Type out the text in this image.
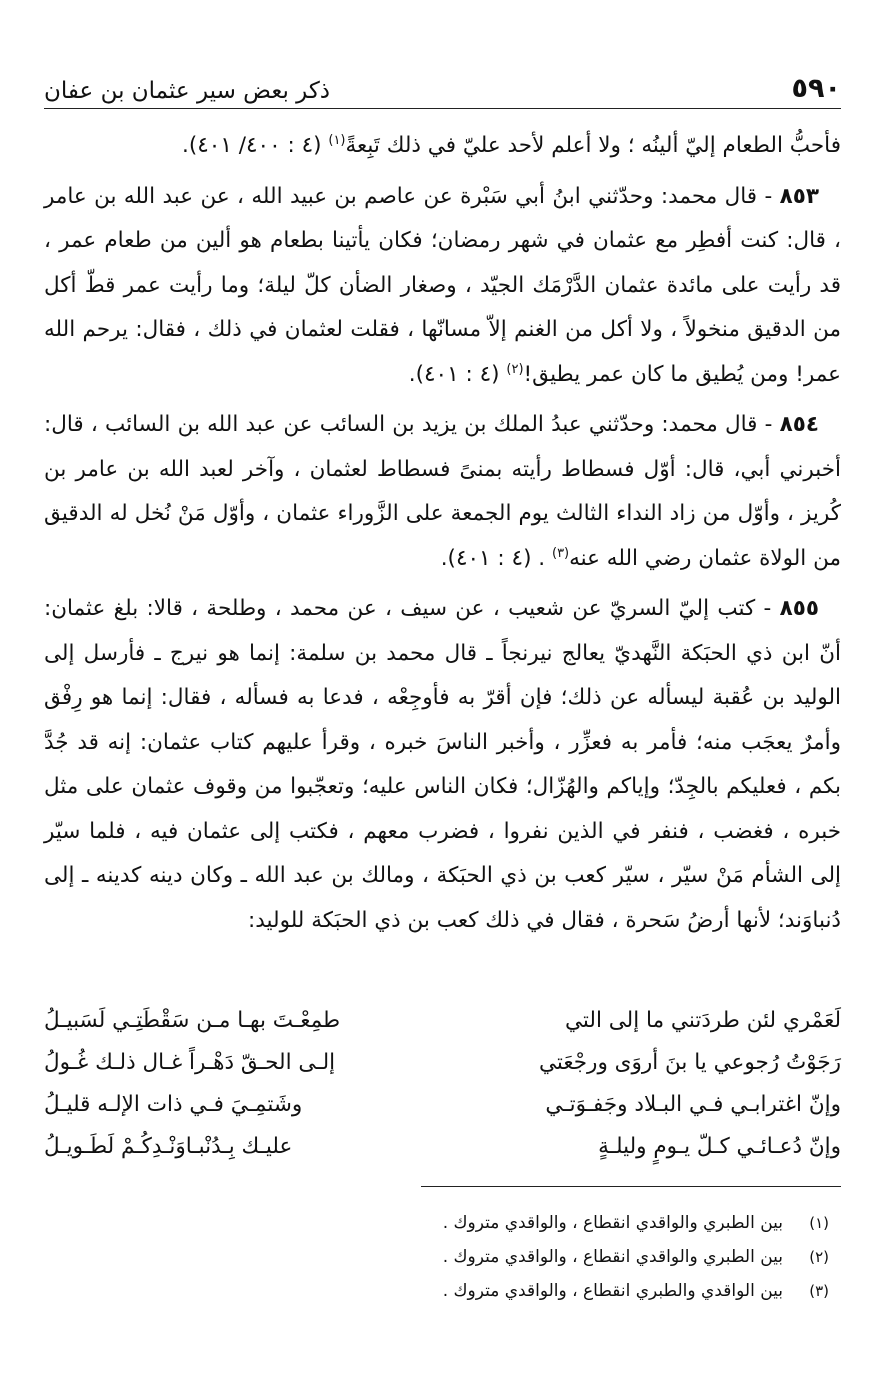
٥٩٠
ذكر بعض سير عثمان بن عفان

فأحبُّ الطعام إليّ ألينُه ؛ ولا أعلم لأحد عليّ في ذلك تَبِعةً$^{(١)}$ (٤ : ٤٠٠/ ٤٠١).

٨٥٣ - قال محمد: وحدّثني ابنُ أبي سَبْرة عن عاصم بن عبيد الله ، عن عبد الله بن عامر ، قال: كنت أفطِر مع عثمان في شهر رمضان؛ فكان يأتينا بطعام هو ألين من طعام عمر ، قد رأيت على مائدة عثمان الدَّرْمَك الجيّد ، وصغار الضأن كلّ ليلة؛ وما رأيت عمر قطّ أكل من الدقيق منخولاً ، ولا أكل من الغنم إلاّ مسانّها ، فقلت لعثمان في ذلك ، فقال: يرحم الله عمر! ومن يُطيق ما كان عمر يطيق!$^{(٢)}$ (٤ : ٤٠١).

٨٥٤ - قال محمد: وحدّثني عبدُ الملك بن يزيد بن السائب عن عبد الله بن السائب ، قال: أخبرني أبي، قال: أوّل فسطاط رأيته بمنىً فسطاط لعثمان ، وآخر لعبد الله بن عامر بن كُريز ، وأوّل من زاد النداء الثالث يوم الجمعة على الزَّوراء عثمان ، وأوّل مَنْ نُخل له الدقيق من الولاة عثمان رضي الله عنه$^{(٣)}$ . (٤ : ٤٠١).

٨٥٥ - كتب إليّ السريّ عن شعيب ، عن سيف ، عن محمد ، وطلحة ، قالا: بلغ عثمان: أنّ ابن ذي الحبَكة النَّهديّ يعالج نيرنجاً ـ قال محمد بن سلمة: إنما هو نيرج ـ فأرسل إلى الوليد بن عُقبة ليسأله عن ذلك؛ فإن أقرّ به فأوجِعْه ، فدعا به فسأله ، فقال: إنما هو رِفْق وأمرٌ يعجَب منه؛ فأمر به فعزِّر ، وأخبر الناسَ خبره ، وقرأ عليهم كتاب عثمان: إنه قد جُدَّ بكم ، فعليكم بالجِدّ؛ وإياكم والهُزّال؛ فكان الناس عليه؛ وتعجّبوا من وقوف عثمان على مثل خبره ، فغضب ، فنفر في الذين نفروا ، فضرب معهم ، فكتب إلى عثمان فيه ، فلما سيّر إلى الشأم مَنْ سيّر ، سيّر كعب بن ذي الحبَكة ، ومالك بن عبد الله ـ وكان دينه كدينه ـ إلى دُنباوَند؛ لأنها أرضُ سَحرة ، فقال في ذلك كعب بن ذي الحبَكة للوليد:

لَعَمْري لئن طردَتني ما إلى التي
طمِعْـتَ بهـا مـن سَقْطَتِـي لَسَبيـلُ
رَجَوْتُ رُجوعي يا بنَ أروَى ورجْعَتي
إلـى الحـقّ دَهْـراً غـال ذلـك غُـولُ
وإنّ اغترابـي فـي البـلاد وجَفـوَتـي
وشَتمِـيَ فـي ذات الإلـه قليـلُ
وإنّ دُعـائـي كـلّ يـومٍ وليلـةٍ
عليـك بِـدُنْبـاوَنْـدِكُـمْ لَطَـويـلُ
(١)
بين الطبري والواقدي انقطاع ، والواقدي متروك .
(٢)
بين الطبري والواقدي انقطاع ، والواقدي متروك .
(٣)
بين الواقدي والطبري انقطاع ، والواقدي متروك .
